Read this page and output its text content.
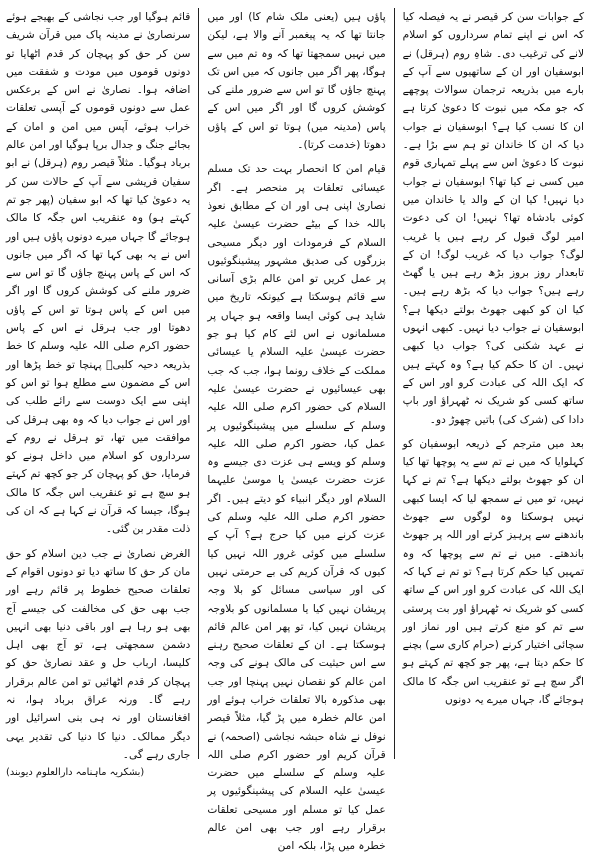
کے جوابات سن کر قیصر نے یہ فیصلہ کیا کہ اس نے اپنے تمام سرداروں کو اسلام لانے کی ترغیب دی۔ شاہِ روم (ہرقل) نے ابوسفیان اور ان کے ساتھیوں سے آپ کے بارے میں بذریعہ ترجمان سوالات پوچھے کہ جو مکہ میں نبوت کا دعویٰ کرتا ہے ان کا نسب کیا ہے؟ ابوسفیان نے جواب دیا کہ ان کا خاندان تو ہم سے بڑا ہے۔ نبوت کا دعویٰ اس سے پہلے تمہاری قوم میں کسی نے کیا تھا؟ ابوسفیان نے جواب دیا نہیں! کیا ان کے والد یا خاندان میں کوئی بادشاہ تھا؟ نہیں! ان کی دعوت امیر لوگ قبول کر رہے ہیں یا غریب لوگ؟ جواب دیا کہ غریب لوگ! ان کے تابعدار روز بروز بڑھ رہے ہیں یا گھٹ رہے ہیں؟ جواب دیا کہ بڑھ رہے ہیں۔ کیا ان کو کبھی جھوٹ بولتے دیکھا ہے؟ ابوسفیان نے جواب دیا نہیں۔ کبھی انہوں نے عہد شکنی کی؟ جواب دیا کبھی نہیں۔ ان کا حکم کیا ہے؟ وہ کہتے ہیں کہ ایک اللہ کی عبادت کرو اور اس کے ساتھ کسی کو شریک نہ ٹھہراؤ اور باپ دادا کی (شرک کی) باتیں چھوڑ دو۔

بعد میں مترجم کے ذریعہ ابوسفیان کو کہلوایا کہ میں نے تم سے یہ پوچھا تھا کیا ان کو جھوٹ بولتے دیکھا ہے؟ تم نے کہا نہیں، تو میں نے سمجھ لیا کہ ایسا کبھی نہیں ہوسکتا وہ لوگوں سے جھوٹ باندھنے سے پرہیز کرتے اور اللہ پر جھوٹ باندھتے۔ میں نے تم سے پوچھا کہ وہ تمہیں کیا حکم کرتا ہے؟ تو تم نے کہا کہ ایک اللہ کی عبادت کرو اور اس کے ساتھ کسی کو شریک نہ ٹھہراؤ اور بت پرستی سے تم کو منع کرتے ہیں اور نماز اور سچائی اختیار کرنے (حرام کاری سے) بچنے کا حکم دیتا ہے، پھر جو کچھ تم کہتے ہو اگر سچ ہے تو عنقریب اس جگہ کا مالک ہوجائے گا، جہاں میرے یہ دونوں

پاؤں ہیں (یعنی ملک شام کا) اور میں جانتا تھا کہ یہ پیغمبر آنے والا ہے، لیکن میں نہیں سمجھتا تھا کہ وہ تم میں سے ہوگا، پھر اگر میں جانوں کہ میں اس تک پہنچ جاؤں گا تو اس سے ضرور ملنے کی کوشش کروں گا اور اگر میں اس کے پاس (مدینہ میں) ہوتا تو اس کے پاؤں دھوتا (خدمت کرتا)۔

قیام امن کا انحصار بہت حد تک مسلم عیسائی تعلقات پر منحصر ہے۔ اگر نصاریٰ اپنی ہی اور ان کے مطابق نعوذ باللہ خدا کے بیٹے حضرت عیسیٰ علیہ السلام کے فرمودات اور دیگر مسیحی بزرگوں کی صدیق مشہور پیشینگوئیوں پر عمل کریں تو امن عالم بڑی آسانی سے قائم ہوسکتا ہے کیونکہ تاریخ میں شاید ہی کوئی ایسا واقعہ ہو جہاں پر مسلمانوں نے اس لئے کام کیا ہو جو حضرت عیسیٰ علیہ السلام یا عیسائی مملکت کے خلاف رونما ہوا، جب کہ جب بھی عیسائیوں نے حضرت عیسیٰ علیہ السلام کی حضور اکرم صلی اللہ علیہ وسلم کے سلسلے میں پیشینگوئیوں پر عمل کیا، حضور اکرم صلی اللہ علیہ وسلم کو ویسے ہی عزت دی جیسے وہ عزت حضرت عیسیٰ یا موسیٰ علیہما السلام اور دیگر انبیاء کو دیتے ہیں۔ اگر حضور اکرم صلی اللہ علیہ وسلم کی عزت کرنے میں کیا حرج ہے؟ آپ کے سلسلے میں کوئی غرور اللہ نہیں کیا کیوں کہ قرآن کریم کی بے حرمتی نہیں کی اور سیاسی مسائل کو بلا وجہ پریشان نہیں کیا یا مسلمانوں کو بلاوجہ پریشان نہیں کیا، تو پھر امن عالم قائم ہوسکتا ہے۔ ان کے تعلقات صحیح رہنے سے اس حیثیت کی مالک ہونے کی وجہ امن عالم کو نقصان نہیں پہنچا اور جب بھی مذکورہ بالا تعلقات خراب ہوئے اور امن عالم خطرہ میں پڑ گیا، مثلاً قیصر نوفل نے شاہ حبشہ نجاشی (اصحمہ) نے قرآن کریم اور حضور اکرم صلی اللہ علیہ وسلم کے سلسلے میں حضرت عیسیٰ علیہ السلام کی پیشینگوئیوں پر عمل کیا تو مسلم اور مسیحی تعلقات برقرار رہے اور جب بھی امن عالم خطرہ میں پڑا، بلکہ امن

قائم ہوگیا اور جب نجاشی کے بھیجے ہوئے سرنصاریٰ نے مدینہ پاک میں قرآن شریف سن کر حق کو پہچان کر قدم اٹھایا تو دونوں قوموں میں مودت و شفقت میں اضافہ ہوا۔ نصاریٰ نے اس کے برعکس عمل سے دونوں قوموں کے آپسی تعلقات خراب ہوئے، آپس میں امن و امان کے بجائے جنگ و جدال برپا ہوگیا اور امن عالم برباد ہوگیا۔ مثلاً قیصر روم (ہرقل) نے ابو سفیان قریشی سے آپ کے حالات سن کر یہ دعویٰ کیا تھا کہ ابو سفیان (پھر جو تم کہتے ہو) وہ عنقریب اس جگہ کا مالک ہوجائے گا جہاں میرے دونوں پاؤں ہیں اور اس نے یہ بھی کہا تھا کہ اگر میں جانوں کہ اس کے پاس پہنچ جاؤں گا تو اس سے ضرور ملنے کی کوشش کروں گا اور اگر میں اس کے پاس ہوتا تو اس کے پاؤں دھوتا اور جب ہرقل نے اس کے پاس حضور اکرم صلی اللہ علیہ وسلم کا خط بذریعہ دحیہ کلبیؓ پہنچا تو خط پڑھا اور اس کے مضمون سے مطلع ہوا تو اس کو اپنی سے ایک دوست سے رائے طلب کی اور اس نے جواب دیا کہ وہ بھی ہرقل کی موافقت میں تھا، تو ہرقل نے روم کے سرداروں کو اسلام میں داخل ہونے کو فرمایا، حق کو پہچان کر جو کچھ تم کہتے ہو سچ ہے تو عنقریب اس جگہ کا مالک ہوگا، جیسا کہ قرآن نے کہا ہے کہ ان کی ذلت مقدر بن گئی۔

الغرض نصاریٰ نے جب دین اسلام کو حق مان کر حق کا ساتھ دیا تو دونوں اقوام کے تعلقات صحیح خطوط پر قائم رہے اور جب بھی حق کی مخالفت کی جیسے آج بھی ہو رہا ہے اور باقی دنیا بھی انہیں دشمن سمجھتی ہے، تو آج بھی اہل کلیسا، ارباب حل و عقد نصاریٰ حق کو پہچان کر قدم اٹھائیں تو امن عالم برقرار رہے گا۔ ورنہ عراق برباد ہوا، نہ افغانستان اور نہ ہی بنی اسرائیل اور دیگر ممالک۔ دنیا کا دنیا کی تقدیر یہی جاری رہے گی۔

(بشکریہ ماہنامہ دارالعلوم دیوبند)
